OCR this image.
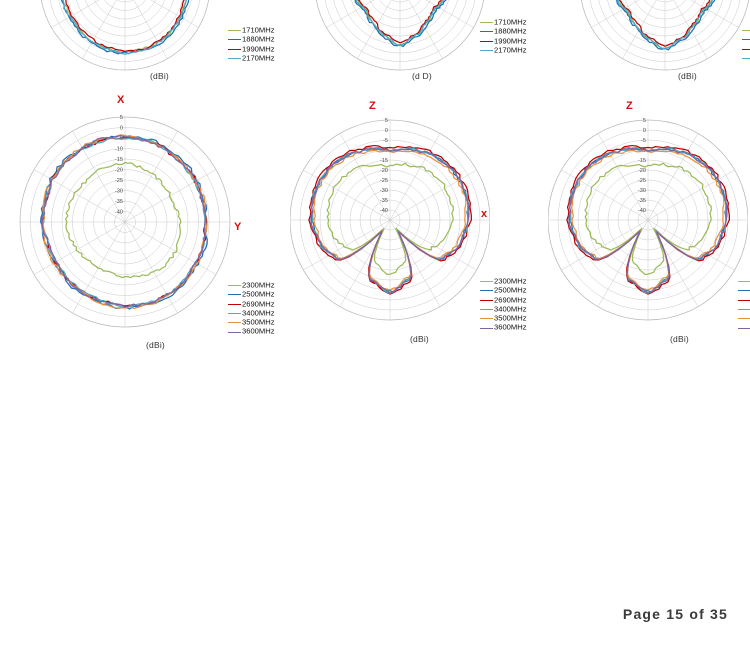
(dBi)
1710MHz
1880MHz
1990MHz
2170MHz
(d D)
1710MHz
1880MHz
1990MHz
2170MHz
(dBi)
X
Y
5
0
-5
-10
-15
-20
-25
-30
-35
-40
(dBi)
2300MHz
2500MHz
2690MHz
3400MHz
3500MHz
3600MHz
Z
x
5
0
-5
-10
-15
-20
-25
-30
-35
-40
(dBi)
2300MHz
2500MHz
2690MHz
3400MHz
3500MHz
3600MHz
Z
5
0
-5
-10
-15
-20
-25
-30
-35
-40
(dBi)
Page 15 of 35
